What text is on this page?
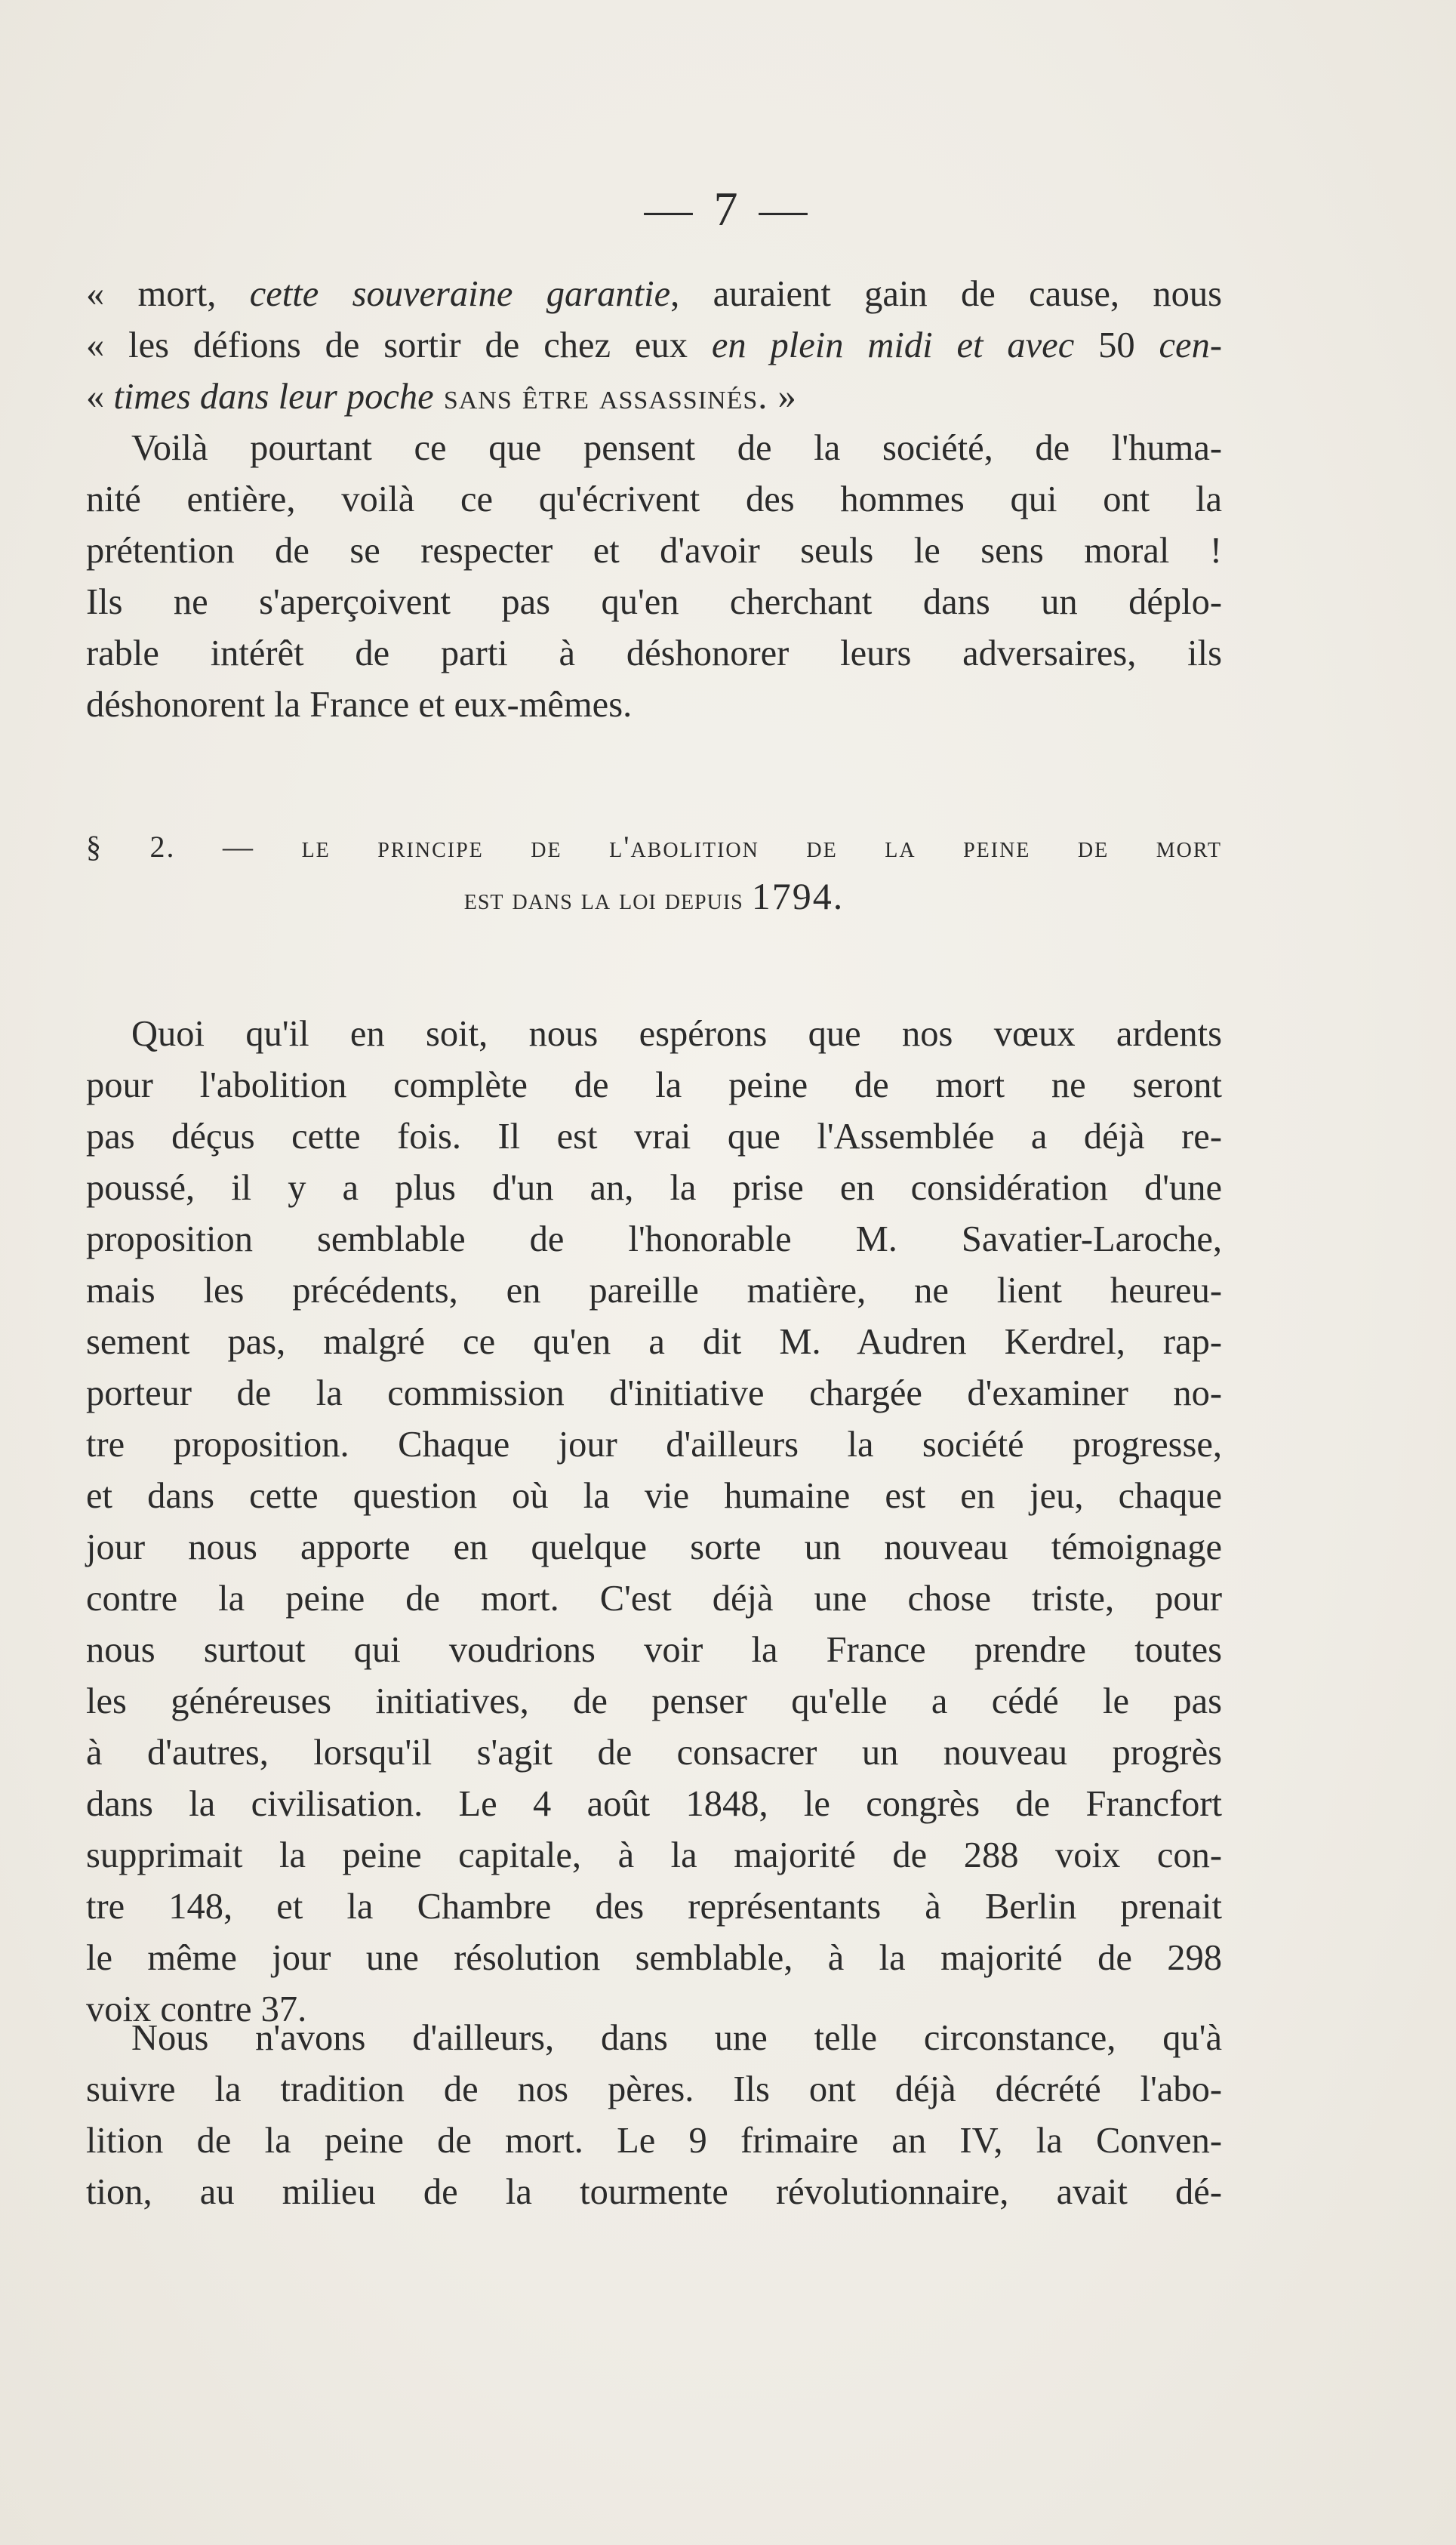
— 7 —
« mort, cette souveraine garantie, auraient gain de cause, nous
« les défions de sortir de chez eux en plein midi et avec 50 cen-
« times dans leur poche sans être assassinés. »
Voilà pourtant ce que pensent de la société, de l'huma-
nité entière, voilà ce qu'écrivent des hommes qui ont la
prétention de se respecter et d'avoir seuls le sens moral !
Ils ne s'aperçoivent pas qu'en cherchant dans un déplo-
rable intérêt de parti à déshonorer leurs adversaires, ils
déshonorent la France et eux-mêmes.
§ 2. — le principe de l'abolition de la peine de mort
est dans la loi depuis 1794.
Quoi qu'il en soit, nous espérons que nos vœux ardents
pour l'abolition complète de la peine de mort ne seront
pas déçus cette fois. Il est vrai que l'Assemblée a déjà re-
poussé, il y a plus d'un an, la prise en considération d'une
proposition semblable de l'honorable M. Savatier-Laroche,
mais les précédents, en pareille matière, ne lient heureu-
sement pas, malgré ce qu'en a dit M. Audren Kerdrel, rap-
porteur de la commission d'initiative chargée d'examiner no-
tre proposition. Chaque jour d'ailleurs la société progresse,
et dans cette question où la vie humaine est en jeu, chaque
jour nous apporte en quelque sorte un nouveau témoignage
contre la peine de mort. C'est déjà une chose triste, pour
nous surtout qui voudrions voir la France prendre toutes
les généreuses initiatives, de penser qu'elle a cédé le pas
à d'autres, lorsqu'il s'agit de consacrer un nouveau progrès
dans la civilisation. Le 4 août 1848, le congrès de Francfort
supprimait la peine capitale, à la majorité de 288 voix con-
tre 148, et la Chambre des représentants à Berlin prenait
le même jour une résolution semblable, à la majorité de 298
voix contre 37.
Nous n'avons d'ailleurs, dans une telle circonstance, qu'à
suivre la tradition de nos pères. Ils ont déjà décrété l'abo-
lition de la peine de mort. Le 9 frimaire an IV, la Conven-
tion, au milieu de la tourmente révolutionnaire, avait dé-
